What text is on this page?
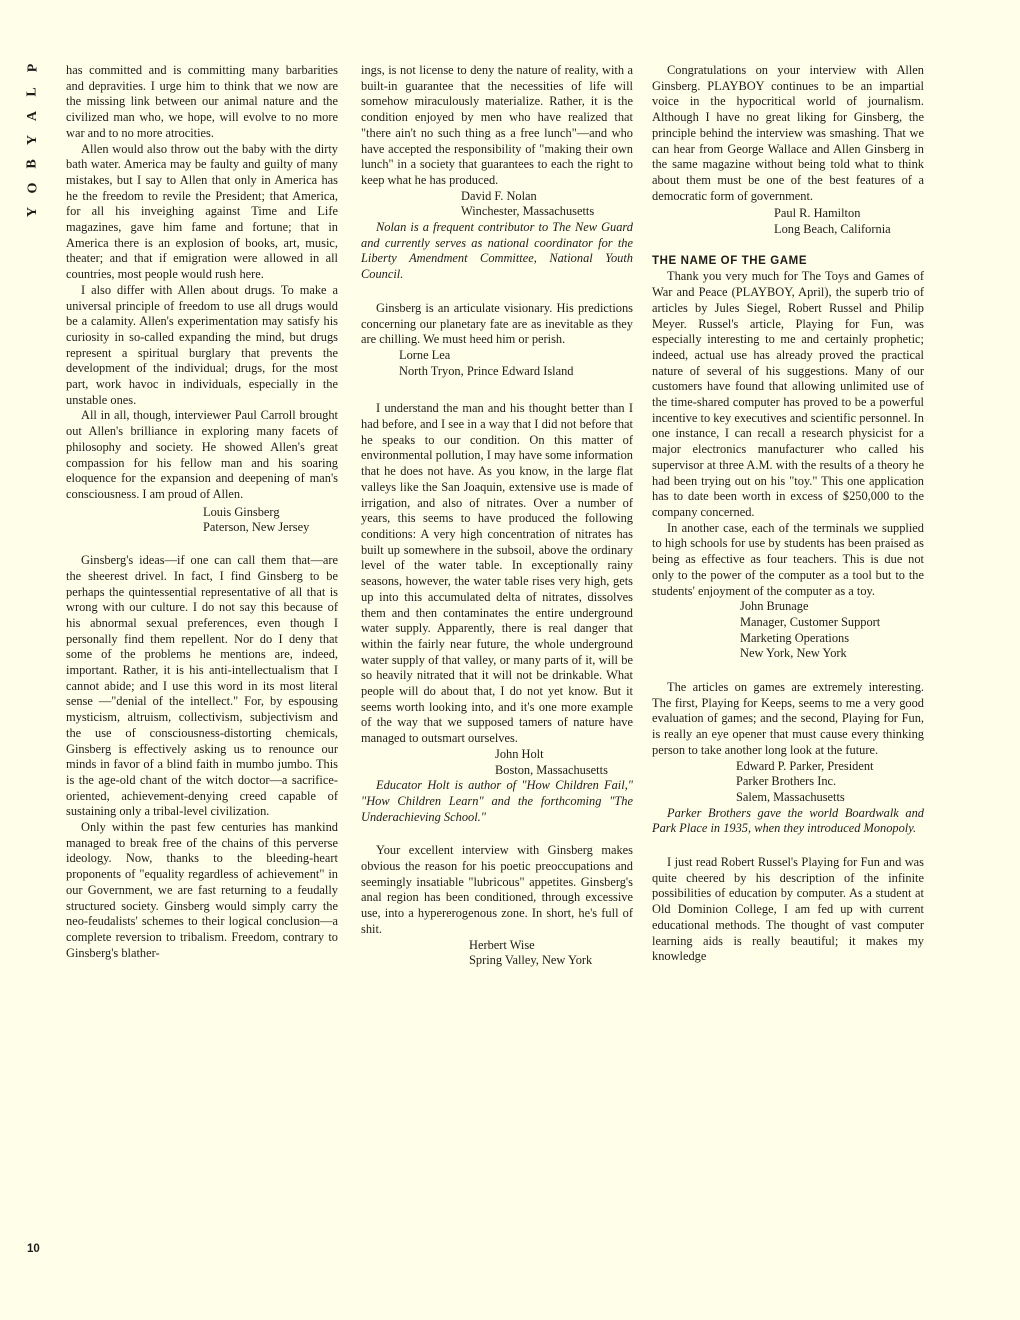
P
L
A
Y
B
O
Y
10

has committed and is committing many barbarities and depravities. I urge him to think that we now are the missing link between our animal nature and the civilized man who, we hope, will evolve to no more war and to no more atrocities.

Allen would also throw out the baby with the dirty bath water. America may be faulty and guilty of many mistakes, but I say to Allen that only in America has he the freedom to revile the President; that America, for all his inveighing against Time and Life magazines, gave him fame and fortune; that in America there is an explosion of books, art, music, theater; and that if emigration were allowed in all countries, most people would rush here.

I also differ with Allen about drugs. To make a universal principle of freedom to use all drugs would be a calamity. Allen's experimentation may satisfy his curiosity in so-called expanding the mind, but drugs represent a spiritual burglary that prevents the development of the individual; drugs, for the most part, work havoc in individuals, especially in the unstable ones.

All in all, though, interviewer Paul Carroll brought out Allen's brilliance in exploring many facets of philosophy and society. He showed Allen's great compassion for his fellow man and his soaring eloquence for the expansion and deepening of man's consciousness. I am proud of Allen.

Louis Ginsberg
Paterson, New Jersey

Ginsberg's ideas—if one can call them that—are the sheerest drivel. In fact, I find Ginsberg to be perhaps the quintessential representative of all that is wrong with our culture. I do not say this because of his abnormal sexual preferences, even though I personally find them repellent. Nor do I deny that some of the problems he mentions are, indeed, important. Rather, it is his anti-intellectualism that I cannot abide; and I use this word in its most literal sense —"denial of the intellect." For, by espousing mysticism, altruism, collectivism, subjectivism and the use of consciousness-distorting chemicals, Ginsberg is effectively asking us to renounce our minds in favor of a blind faith in mumbo jumbo. This is the age-old chant of the witch doctor—a sacrifice-oriented, achievement-denying creed capable of sustaining only a tribal-level civilization.

Only within the past few centuries has mankind managed to break free of the chains of this perverse ideology. Now, thanks to the bleeding-heart proponents of "equality regardless of achievement" in our Government, we are fast returning to a feudally structured society. Ginsberg would simply carry the neo-feudalists' schemes to their logical conclusion—a complete reversion to tribalism. Freedom, contrary to Ginsberg's blather-

ings, is not license to deny the nature of reality, with a built-in guarantee that the necessities of life will somehow miraculously materialize. Rather, it is the condition enjoyed by men who have realized that "there ain't no such thing as a free lunch"—and who have accepted the responsibility of "making their own lunch" in a society that guarantees to each the right to keep what he has produced.

David F. Nolan
Winchester, Massachusetts

Nolan is a frequent contributor to The New Guard and currently serves as national coordinator for the Liberty Amendment Committee, National Youth Council.

Ginsberg is an articulate visionary. His predictions concerning our planetary fate are as inevitable as they are chilling. We must heed him or perish.

Lorne Lea
North Tryon, Prince Edward Island

I understand the man and his thought better than I had before, and I see in a way that I did not before that he speaks to our condition. On this matter of environmental pollution, I may have some information that he does not have. As you know, in the large flat valleys like the San Joaquin, extensive use is made of irrigation, and also of nitrates. Over a number of years, this seems to have produced the following conditions: A very high concentration of nitrates has built up somewhere in the subsoil, above the ordinary level of the water table. In exceptionally rainy seasons, however, the water table rises very high, gets up into this accumulated delta of nitrates, dissolves them and then contaminates the entire underground water supply. Apparently, there is real danger that within the fairly near future, the whole underground water supply of that valley, or many parts of it, will be so heavily nitrated that it will not be drinkable. What people will do about that, I do not yet know. But it seems worth looking into, and it's one more example of the way that we supposed tamers of nature have managed to outsmart ourselves.

John Holt
Boston, Massachusetts

Educator Holt is author of "How Children Fail," "How Children Learn" and the forthcoming "The Underachieving School."

Your excellent interview with Ginsberg makes obvious the reason for his poetic preoccupations and seemingly insatiable "lubricous" appetites. Ginsberg's anal region has been conditioned, through excessive use, into a hypererogenous zone. In short, he's full of shit.

Herbert Wise
Spring Valley, New York

Congratulations on your interview with Allen Ginsberg. PLAYBOY continues to be an impartial voice in the hypocritical world of journalism. Although I have no great liking for Ginsberg, the principle behind the interview was smashing. That we can hear from George Wallace and Allen Ginsberg in the same magazine without being told what to think about them must be one of the best features of a democratic form of government.

Paul R. Hamilton
Long Beach, California
THE NAME OF THE GAME

Thank you very much for The Toys and Games of War and Peace (PLAYBOY, April), the superb trio of articles by Jules Siegel, Robert Russel and Philip Meyer. Russel's article, Playing for Fun, was especially interesting to me and certainly prophetic; indeed, actual use has already proved the practical nature of several of his suggestions. Many of our customers have found that allowing unlimited use of the time-shared computer has proved to be a powerful incentive to key executives and scientific personnel. In one instance, I can recall a research physicist for a major electronics manufacturer who called his supervisor at three A.M. with the results of a theory he had been trying out on his "toy." This one application has to date been worth in excess of $250,000 to the company concerned.

In another case, each of the terminals we supplied to high schools for use by students has been praised as being as effective as four teachers. This is due not only to the power of the computer as a tool but to the students' enjoyment of the computer as a toy.

John Brunage
Manager, Customer Support
Marketing Operations
New York, New York

The articles on games are extremely interesting. The first, Playing for Keeps, seems to me a very good evaluation of games; and the second, Playing for Fun, is really an eye opener that must cause every thinking person to take another long look at the future.

Edward P. Parker, President
Parker Brothers Inc.
Salem, Massachusetts

Parker Brothers gave the world Boardwalk and Park Place in 1935, when they introduced Monopoly.

I just read Robert Russel's Playing for Fun and was quite cheered by his description of the infinite possibilities of education by computer. As a student at Old Dominion College, I am fed up with current educational methods. The thought of vast computer learning aids is really beautiful; it makes my knowledge
